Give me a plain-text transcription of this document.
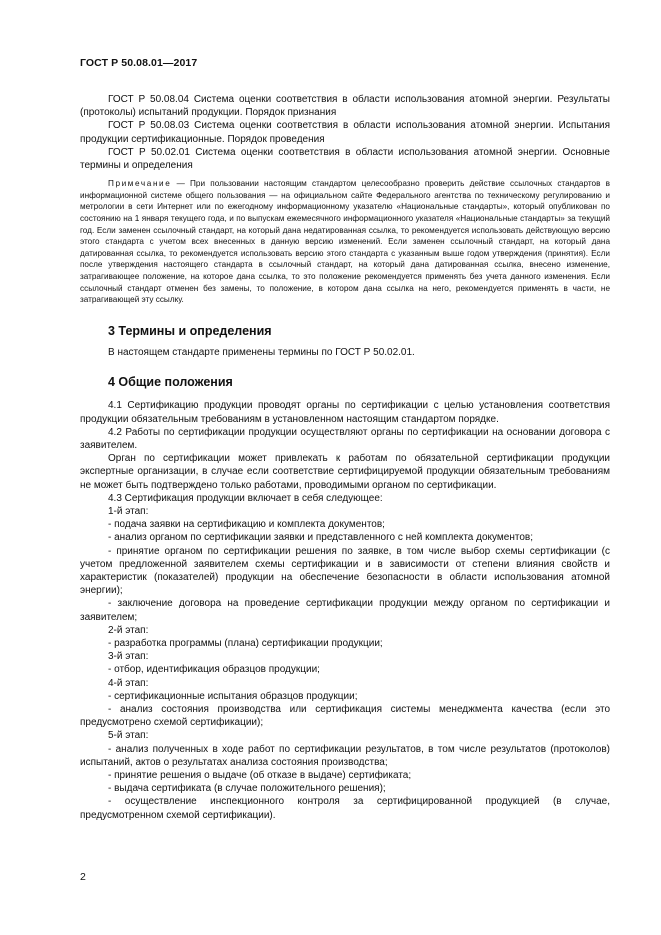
ГОСТ Р 50.08.01—2017

ГОСТ Р 50.08.04 Система оценки соответствия в области использования атомной энергии. Результаты (протоколы) испытаний продукции. Порядок признания

ГОСТ Р 50.08.03 Система оценки соответствия в области использования атомной энергии. Испытания продукции сертификационные. Порядок проведения

ГОСТ Р 50.02.01 Система оценки соответствия в области использования атомной энергии. Основные термины и определения

Примечание — При пользовании настоящим стандартом целесообразно проверить действие ссылочных стандартов в информационной системе общего пользования — на официальном сайте Федерального агентства по техническому регулированию и метрологии в сети Интернет или по ежегодному информационному указателю «Национальные стандарты», который опубликован по состоянию на 1 января текущего года, и по выпускам ежемесячного информационного указателя «Национальные стандарты» за текущий год. Если заменен ссылочный стандарт, на который дана недатированная ссылка, то рекомендуется использовать действующую версию этого стандарта с учетом всех внесенных в данную версию изменений. Если заменен ссылочный стандарт, на который дана датированная ссылка, то рекомендуется использовать версию этого стандарта с указанным выше годом утверждения (принятия). Если после утверждения настоящего стандарта в ссылочный стандарт, на который дана датированная ссылка, внесено изменение, затрагивающее положение, на которое дана ссылка, то это положение рекомендуется применять без учета данного изменения. Если ссылочный стандарт отменен без замены, то положение, в котором дана ссылка на него, рекомендуется применять в части, не затрагивающей эту ссылку.

3 Термины и определения

В настоящем стандарте применены термины по ГОСТ Р 50.02.01.

4 Общие положения

4.1 Сертификацию продукции проводят органы по сертификации с целью установления соответствия продукции обязательным требованиям в установленном настоящим стандартом порядке.

4.2 Работы по сертификации продукции осуществляют органы по сертификации на основании договора с заявителем.

Орган по сертификации может привлекать к работам по обязательной сертификации продукции экспертные организации, в случае если соответствие сертифицируемой продукции обязательным требованиям не может быть подтверждено только работами, проводимыми органом по сертификации.

4.3 Сертификация продукции включает в себя следующее:

1-й этап:

- подача заявки на сертификацию и комплекта документов;

- анализ органом по сертификации заявки и представленного с ней комплекта документов;

- принятие органом по сертификации решения по заявке, в том числе выбор схемы сертификации (с учетом предложенной заявителем схемы сертификации и в зависимости от степени влияния свойств и характеристик (показателей) продукции на обеспечение безопасности в области использования атомной энергии);

- заключение договора на проведение сертификации продукции между органом по сертификации и заявителем;

2-й этап:

- разработка программы (плана) сертификации продукции;

3-й этап:

- отбор, идентификация образцов продукции;

4-й этап:

- сертификационные испытания образцов продукции;

- анализ состояния производства или сертификация системы менеджмента качества (если это предусмотрено схемой сертификации);

5-й этап:

- анализ полученных в ходе работ по сертификации результатов, в том числе результатов (протоколов) испытаний, актов о результатах анализа состояния производства;

- принятие решения о выдаче (об отказе в выдаче) сертификата;

- выдача сертификата (в случае положительного решения);

- осуществление инспекционного контроля за сертифицированной продукцией (в случае, предусмотренном схемой сертификации).

2
